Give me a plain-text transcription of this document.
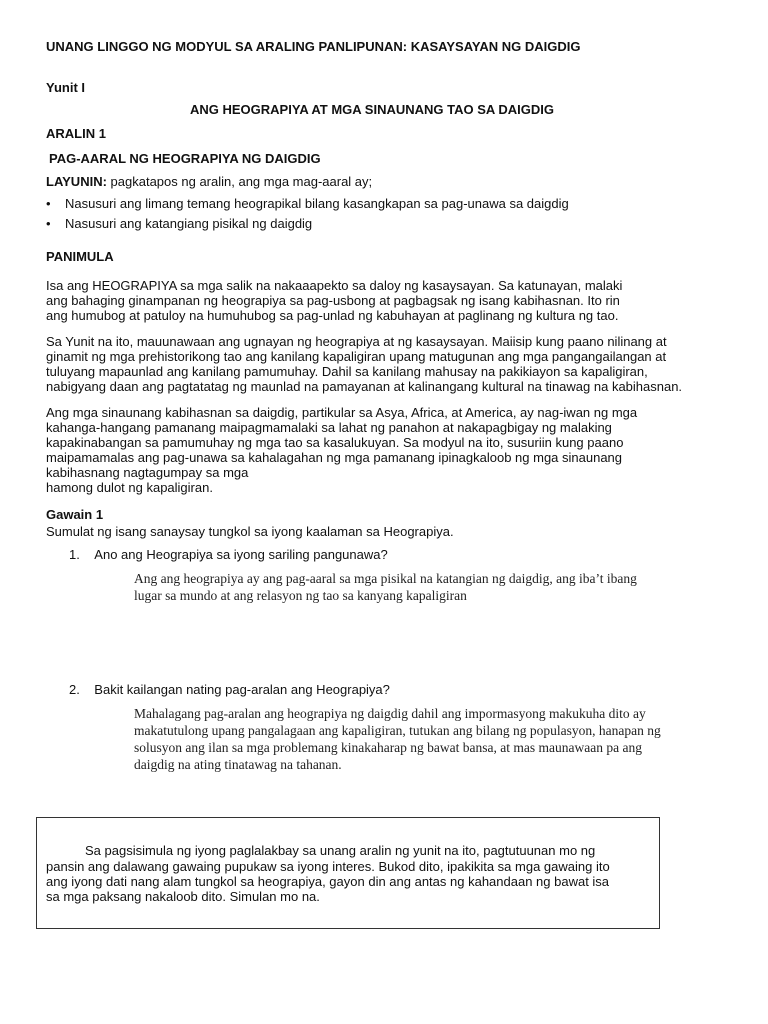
UNANG LINGGO NG MODYUL SA ARALING PANLIPUNAN: KASAYSAYAN NG DAIGDIG
Yunit I
ANG HEOGRAPIYA AT MGA SINAUNANG TAO SA DAIGDIG
ARALIN 1
PAG-AARAL NG HEOGRAPIYA NG DAIGDIG
LAYUNIN: pagkatapos ng aralin, ang mga mag-aaral ay;
• Nasusuri ang limang temang heograpikal bilang kasangkapan sa pag-unawa sa daigdig
• Nasusuri ang katangiang pisikal ng daigdig
PANIMULA
Isa ang HEOGRAPIYA sa mga salik na nakaaapekto sa daloy ng kasaysayan. Sa katunayan, malaki
ang bahaging ginampanan ng heograpiya sa pag-usbong at pagbagsak ng isang kabihasnan. Ito rin
ang humubog at patuloy na humuhubog sa pag-unlad ng kabuhayan at paglinang ng kultura ng tao.
Sa Yunit na ito, mauunawaan ang ugnayan ng heograpiya at ng kasaysayan. Maiisip kung paano nilinang at
ginamit ng mga prehistorikong tao ang kanilang kapaligiran upang matugunan ang mga pangangailangan at
tuluyang mapaunlad ang kanilang pamumuhay. Dahil sa kanilang mahusay na pakikiayon sa kapaligiran,
nabigyang daan ang pagtatatag ng maunlad na pamayanan at kalinangang kultural na tinawag na kabihasnan.
Ang mga sinaunang kabihasnan sa daigdig, partikular sa Asya, Africa, at America, ay nag-iwan ng mga
kahanga-hangang pamanang maipagmamalaki sa lahat ng panahon at nakapagbigay ng malaking
kapakinabangan sa pamumuhay ng mga tao sa kasalukuyan. Sa modyul na ito, susuriin kung paano
maipamamalas ang pag-unawa sa kahalagahan ng mga pamanang ipinagkaloob ng mga sinaunang
kabihasnang nagtagumpay sa mga
hamong dulot ng kapaligiran.
Gawain 1
Sumulat ng isang sanaysay tungkol sa iyong kaalaman sa Heograpiya.
1. Ano ang Heograpiya sa iyong sariling pangunawa?
Ang ang heograpiya ay ang pag-aaral sa mga pisikal na katangian ng daigdig, ang iba’t ibang
lugar sa mundo at ang relasyon ng tao sa kanyang kapaligiran
2. Bakit kailangan nating pag-aralan ang Heograpiya?
Mahalagang pag-aralan ang heograpiya ng daigdig dahil ang impormasyong makukuha dito ay
makatutulong upang pangalagaan ang kapaligiran, tutukan ang bilang ng populasyon, hanapan ng
solusyon ang ilan sa mga problemang kinakaharap ng bawat bansa, at mas maunawaan pa ang
daigdig na ating tinatawag na tahanan.
Sa pagsisimula ng iyong paglalakbay sa unang aralin ng yunit na ito, pagtutuunan mo ng
pansin ang dalawang gawaing pupukaw sa iyong interes. Bukod dito, ipakikita sa mga gawaing ito
ang iyong dati nang alam tungkol sa heograpiya, gayon din ang antas ng kahandaan ng bawat isa
sa mga paksang nakaloob dito. Simulan mo na.
